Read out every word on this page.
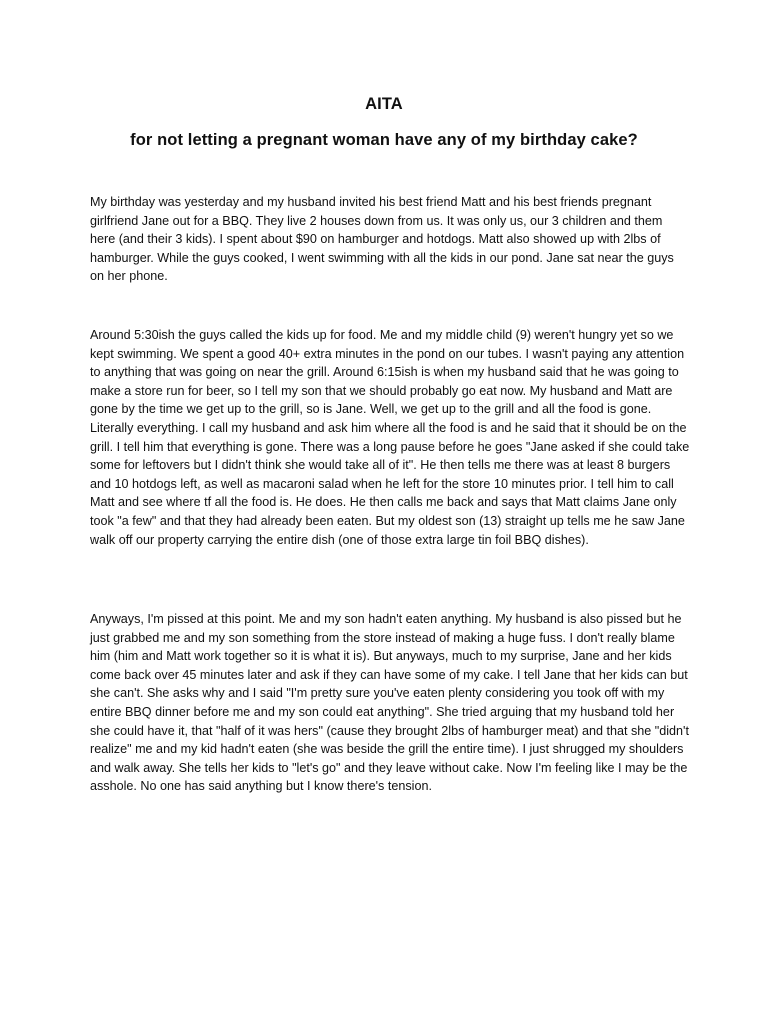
AITA
for not letting a pregnant woman have any of my birthday cake?

My birthday was yesterday and my husband invited his best friend Matt and his best friends pregnant girlfriend Jane out for a BBQ. They live 2 houses down from us. It was only us, our 3 children and them here (and their 3 kids). I spent about $90 on hamburger and hotdogs. Matt also showed up with 2lbs of hamburger. While the guys cooked, I went swimming with all the kids in our pond. Jane sat near the guys on her phone.

Around 5:30ish the guys called the kids up for food. Me and my middle child (9) weren't hungry yet so we kept swimming. We spent a good 40+ extra minutes in the pond on our tubes. I wasn't paying any attention to anything that was going on near the grill. Around 6:15ish is when my husband said that he was going to make a store run for beer, so I tell my son that we should probably go eat now. My husband and Matt are gone by the time we get up to the grill, so is Jane. Well, we get up to the grill and all the food is gone. Literally everything. I call my husband and ask him where all the food is and he said that it should be on the grill. I tell him that everything is gone. There was a long pause before he goes "Jane asked if she could take some for leftovers but I didn't think she would take all of it". He then tells me there was at least 8 burgers and 10 hotdogs left, as well as macaroni salad when he left for the store 10 minutes prior. I tell him to call Matt and see where tf all the food is. He does. He then calls me back and says that Matt claims Jane only took "a few" and that they had already been eaten. But my oldest son (13) straight up tells me he saw Jane walk off our property carrying the entire dish (one of those extra large tin foil BBQ dishes).

Anyways, I'm pissed at this point. Me and my son hadn't eaten anything. My husband is also pissed but he just grabbed me and my son something from the store instead of making a huge fuss. I don't really blame him (him and Matt work together so it is what it is). But anyways, much to my surprise, Jane and her kids come back over 45 minutes later and ask if they can have some of my cake. I tell Jane that her kids can but she can't. She asks why and I said "I'm pretty sure you've eaten plenty considering you took off with my entire BBQ dinner before me and my son could eat anything". She tried arguing that my husband told her she could have it, that "half of it was hers" (cause they brought 2lbs of hamburger meat) and that she "didn't realize" me and my kid hadn't eaten (she was beside the grill the entire time). I just shrugged my shoulders and walk away. She tells her kids to "let's go" and they leave without cake. Now I'm feeling like I may be the asshole. No one has said anything but I know there's tension.
